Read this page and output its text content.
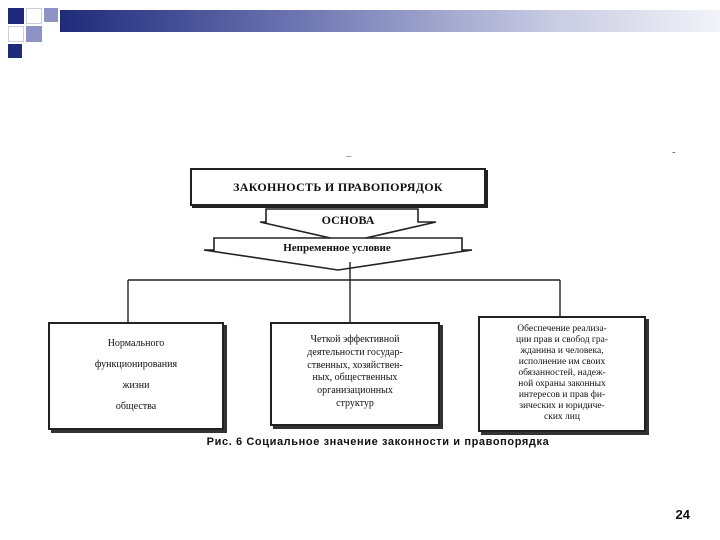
–	-
ЗАКОННОСТЬ И ПРАВОПОРЯДОК
ОСНОВА
Непременное условие
Нормального
функционирования
жизни
общества
Четкой эффективной
деятельности государ-
ственных, хозяйствен-
ных, общественных
организационных
структур
Обеспечение реализа-
ции прав и свобод гра-
жданина и человека,
исполнение им своих
обязанностей, надеж-
ной охраны законных
интересов и прав фи-
зических и юридиче-
ских лиц
Рис. 6 Социальное значение законности и правопорядка
24
